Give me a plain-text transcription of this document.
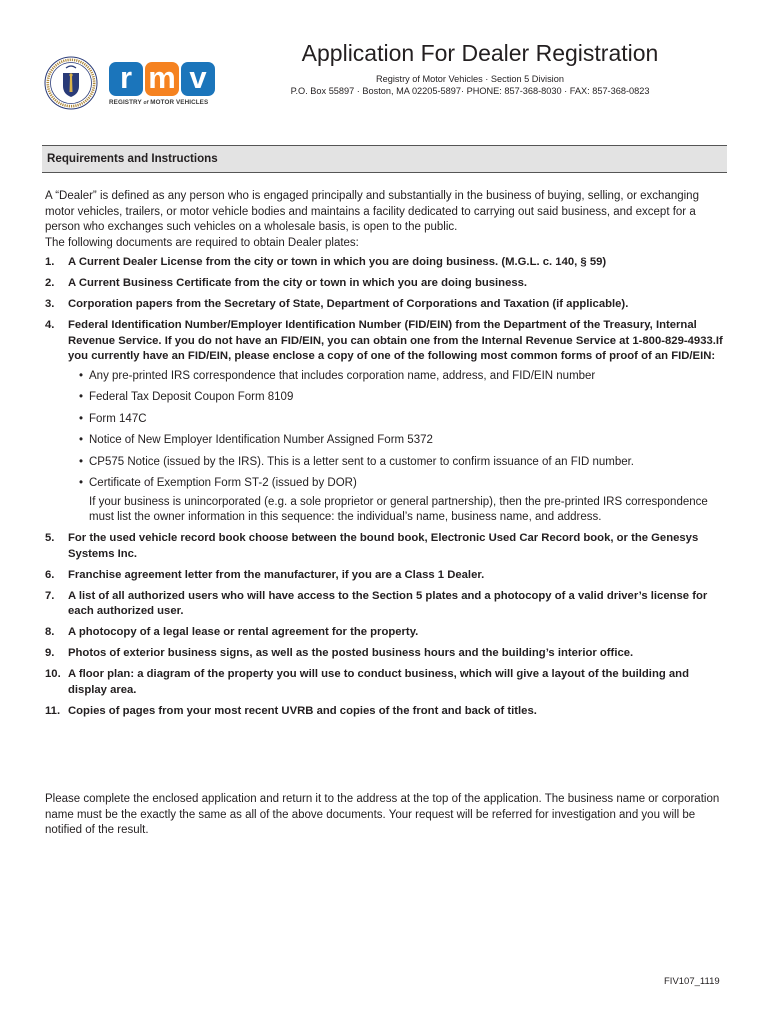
r m v
REGISTRY of MOTOR VEHICLES
Application For Dealer Registration
Registry of Motor Vehicles · Section 5 Division
P.O. Box 55897 · Boston, MA 02205-5897· PHONE: 857-368-8030 · FAX: 857-368-0823
Requirements and Instructions

A “Dealer” is defined as any person who is engaged principally and substantially in the business of buying, selling, or exchanging motor vehicles, trailers, or motor vehicle bodies and maintains a facility dedicated to carrying out said business, and except for a person who exchanges such vehicles on a wholesale basis, is open to the public.

The following documents are required to obtain Dealer plates:

1. A Current Dealer License from the city or town in which you are doing business. (M.G.L. c. 140, § 59)
2. A Current Business Certificate from the city or town in which you are doing business.
3. Corporation papers from the Secretary of State, Department of Corporations and Taxation (if applicable).
4. Federal Identification Number/Employer Identification Number (FID/EIN) from the Department of the Treasury, Internal Revenue Service. If you do not have an FID/EIN, you can obtain one from the Internal Revenue Service at 1-800-829-4933.If you currently have an FID/EIN, please enclose a copy of one of the following most common forms of proof of an FID/EIN:
• Any pre-printed IRS correspondence that includes corporation name, address, and FID/EIN number
• Federal Tax Deposit Coupon Form 8109
• Form 147C
• Notice of New Employer Identification Number Assigned Form 5372
• CP575 Notice (issued by the IRS). This is a letter sent to a customer to confirm issuance of an FID number.
• Certificate of Exemption Form ST-2 (issued by DOR)
If your business is unincorporated (e.g. a sole proprietor or general partnership), then the pre-printed IRS correspondence must list the owner information in this sequence: the individual’s name, business name, and address.
5. For the used vehicle record book choose between the bound book, Electronic Used Car Record book, or the Genesys Systems Inc.
6. Franchise agreement letter from the manufacturer, if you are a Class 1 Dealer.
7. A list of all authorized users who will have access to the Section 5 plates and a photocopy of a valid driver’s license for each authorized user.
8. A photocopy of a legal lease or rental agreement for the property.
9. Photos of exterior business signs, as well as the posted business hours and the building’s interior office.
10. A floor plan: a diagram of the property you will use to conduct business, which will give a layout of the building and display area.
11. Copies of pages from your most recent UVRB and copies of the front and back of titles.

Please complete the enclosed application and return it to the address at the top of the application. The business name or corporation name must be the exactly the same as all of the above documents. Your request will be referred for investigation and you will be notified of the result.

FIV107_1119
